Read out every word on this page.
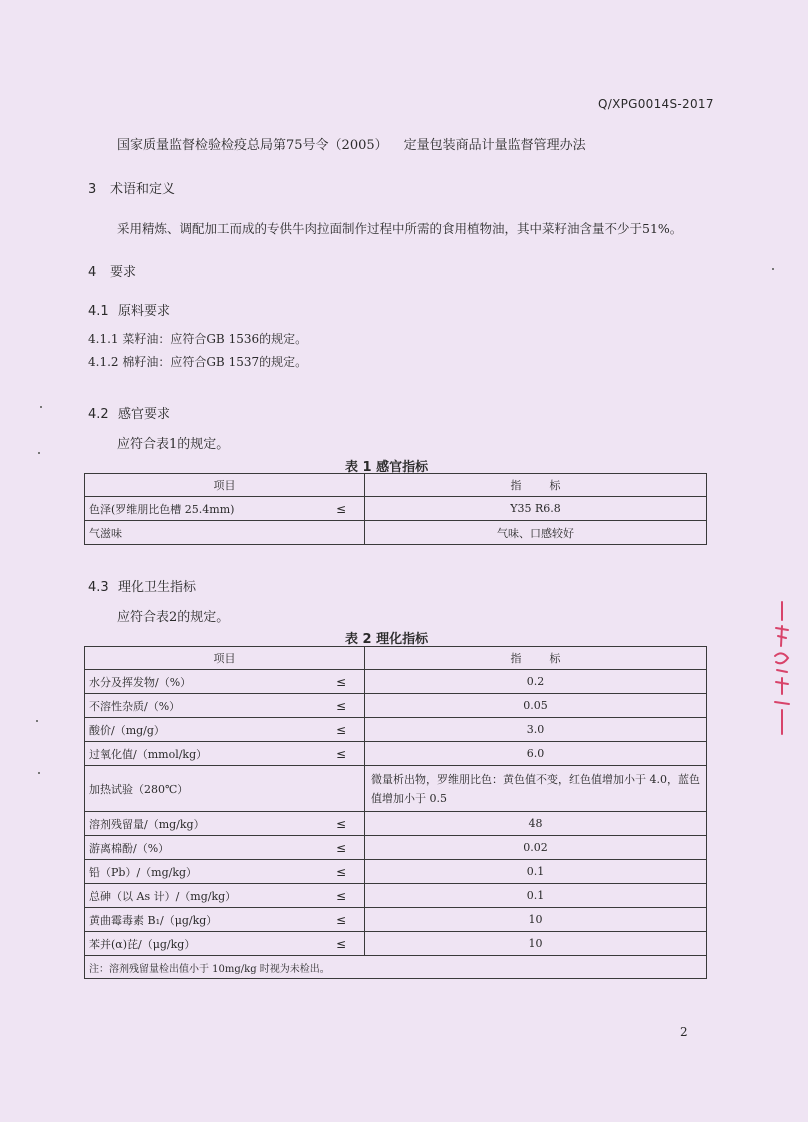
Q/XPG0014S-2017
国家质量监督检验检疫总局第75号令（2005） 定量包装商品计量监督管理办法
3 术语和定义
采用精炼、调配加工而成的专供牛肉拉面制作过程中所需的食用植物油，其中菜籽油含量不少于51%。
4 要求
4.1 原料要求
4.1.1 菜籽油：应符合GB 1536的规定。
4.1.2 棉籽油：应符合GB 1537的规定。
4.2 感官要求
应符合表1的规定。
表 1 感官指标
项目	指        标
色泽(罗维朋比色槽 25.4mm) ≤	Y35 R6.8
气滋味	气味、口感较好
4.3 理化卫生指标
应符合表2的规定。
表 2 理化指标
项目	指        标
水分及挥发物/（%） ≤	0.2
不溶性杂质/（%） ≤	0.05
酸价/（mg/g） ≤	3.0
过氧化值/（mmol/kg） ≤	6.0
加热试验（280℃）	微量析出物，罗维朋比色：黄色值不变，红色值增加小于 4.0，蓝色值增加小于 0.5
溶剂残留量/（mg/kg） ≤	48
游离棉酚/（%） ≤	0.02
铅（Pb）/（mg/kg） ≤	0.1
总砷（以 As 计）/（mg/kg） ≤	0.1
黄曲霉毒素 B₁/（μg/kg） ≤	10
苯并(α)芘/（μg/kg） ≤	10
注：溶剂残留量检出值小于 10mg/kg 时视为未检出。	
2
